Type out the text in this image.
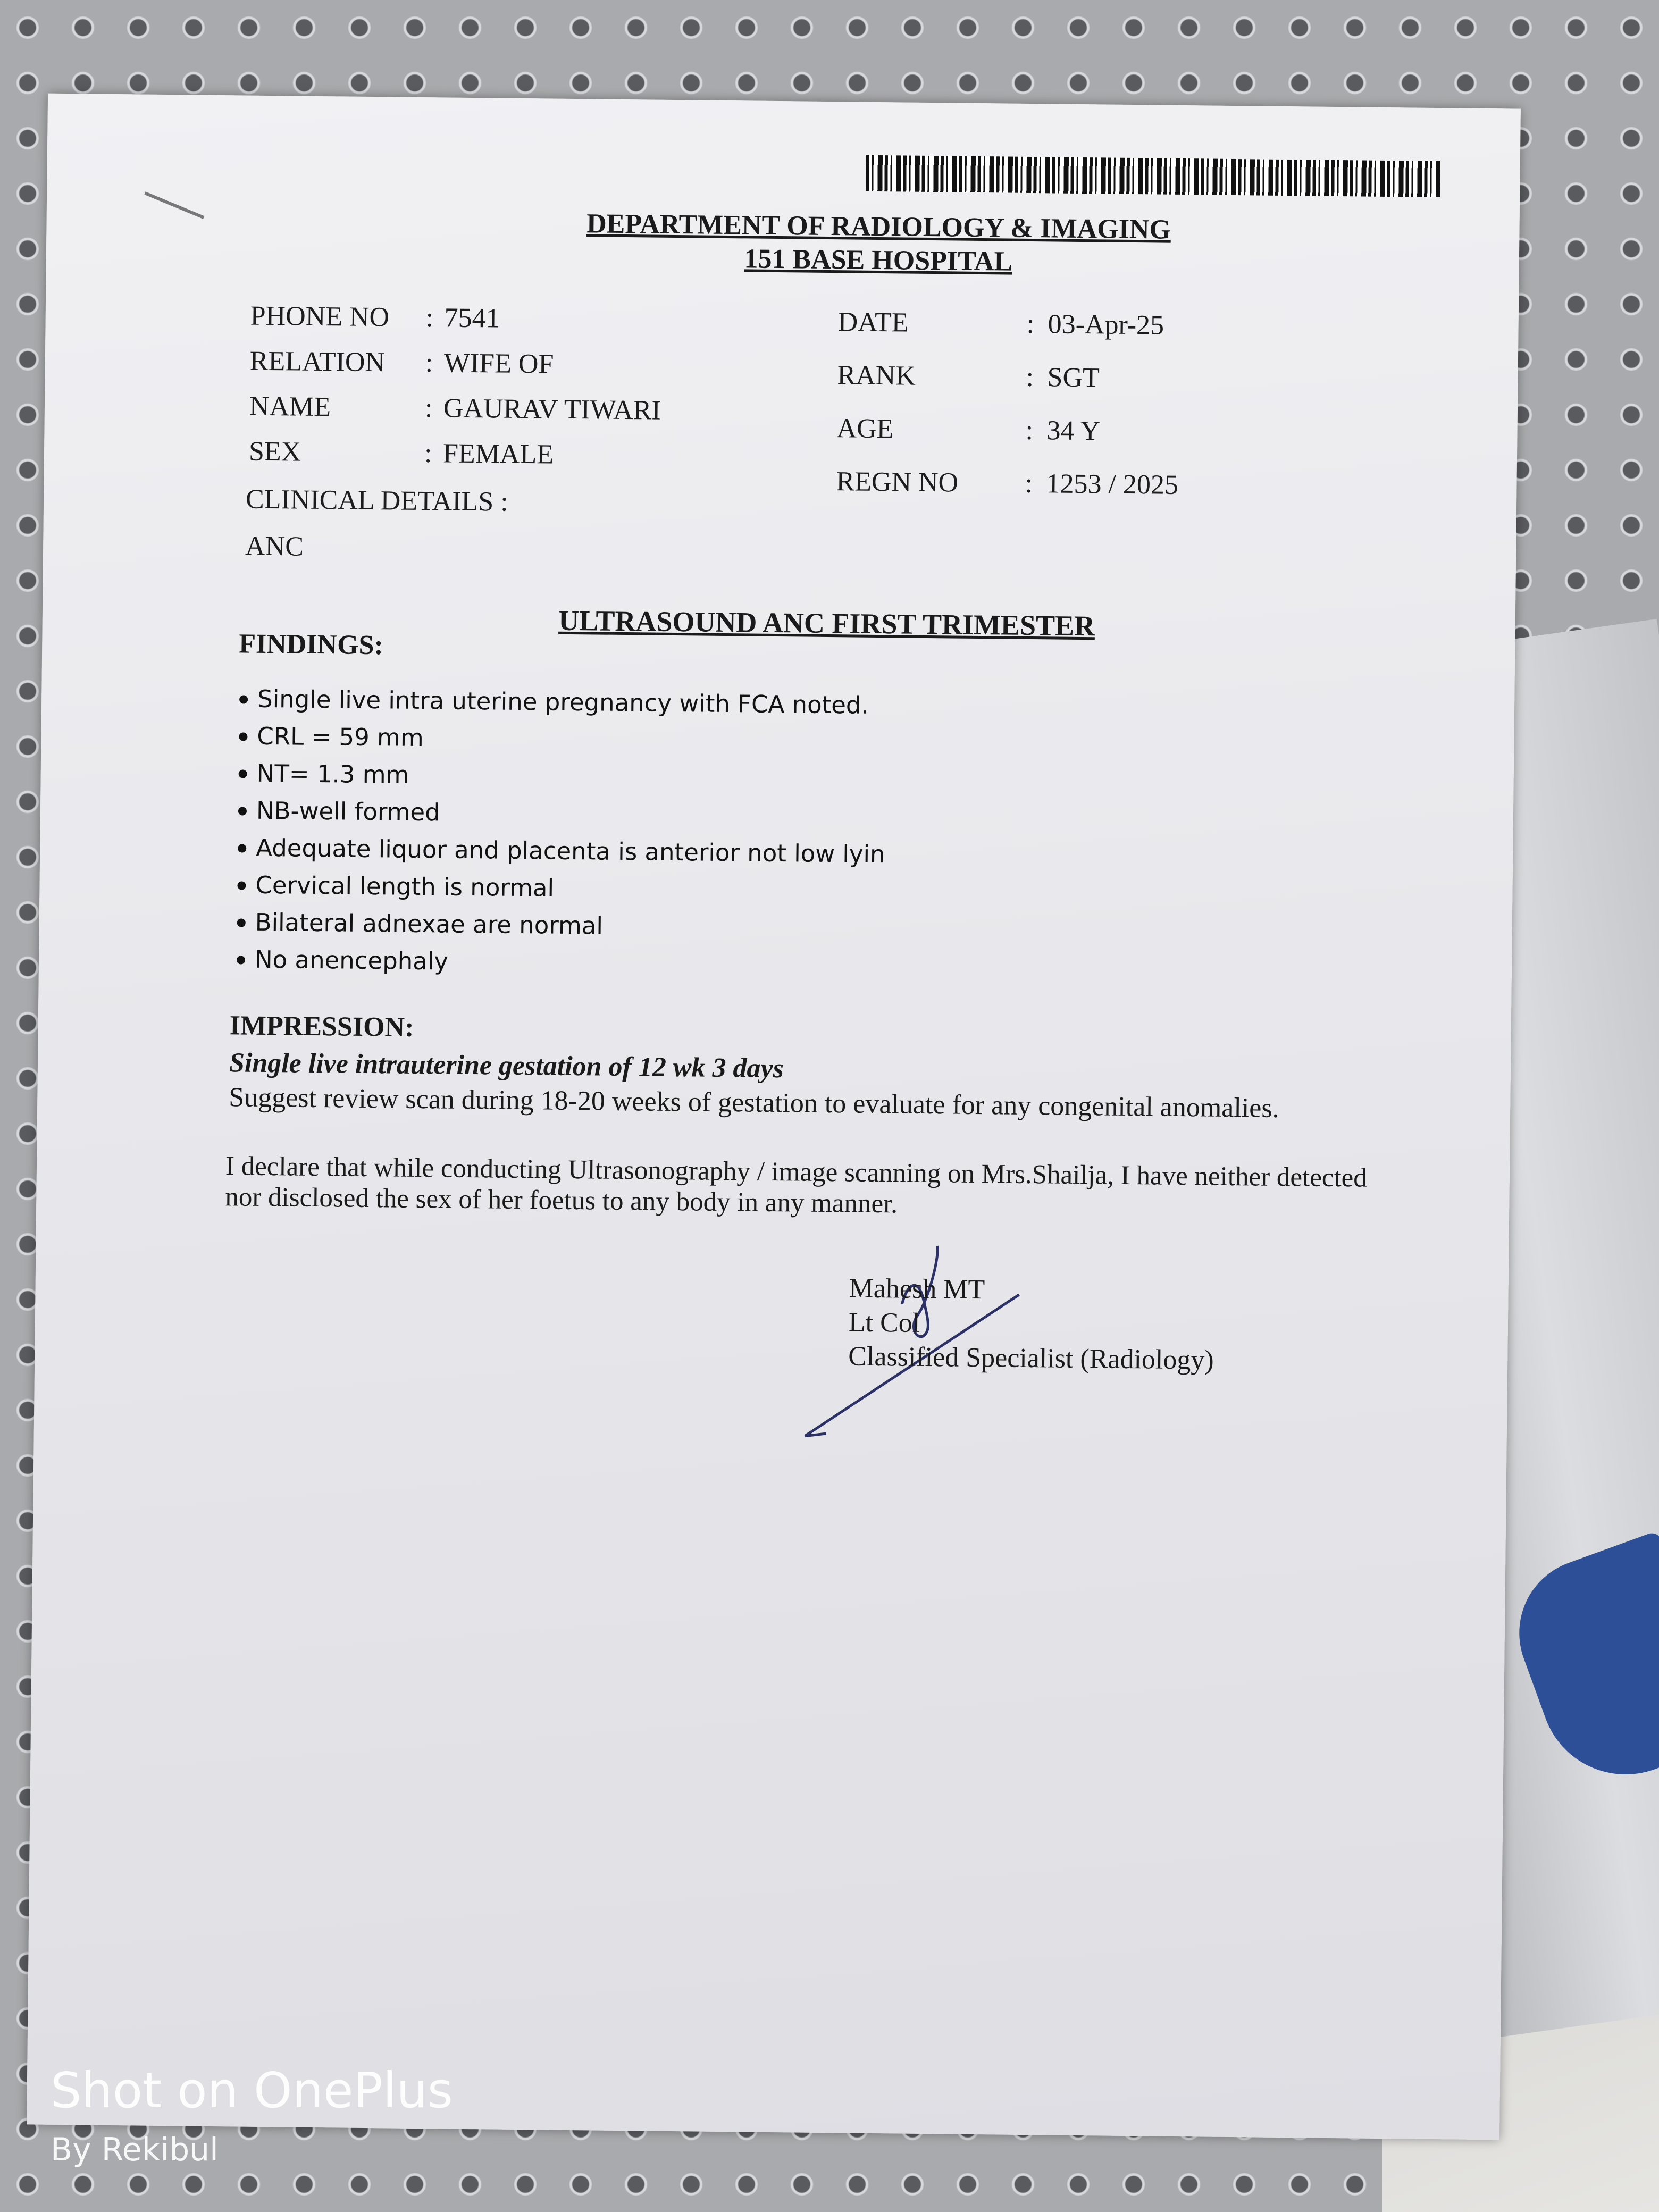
DEPARTMENT OF RADIOLOGY & IMAGING
151 BASE HOSPITAL
PHONE NO : 7541
RELATION : WIFE OF
NAME	: GAURAV TIWARI
SEX	: FEMALE
DATE	: 03-Apr-25
RANK	: SGT
AGE	: 34 Y
REGN NO : 1253 / 2025
CLINICAL DETAILS :
ANC
ULTRASOUND ANC FIRST TRIMESTER
FINDINGS:
Single live intra uterine pregnancy with FCA noted.
CRL = 59 mm
NT= 1.3 mm
NB-well formed
Adequate liquor and placenta is anterior not low lyin
Cervical length is normal
Bilateral adnexae are normal
No anencephaly
IMPRESSION:
Single live intrauterine gestation of 12 wk 3 days
Suggest review scan during 18-20 weeks of gestation to evaluate for any congenital anomalies.
I declare that while conducting Ultrasonography / image scanning on Mrs.Shailja, I have neither detected nor disclosed the sex of her foetus to any body in any manner.
Mahesh MT
Lt Col
Classified Specialist (Radiology)
Shot on OnePlus
By Rekibul
